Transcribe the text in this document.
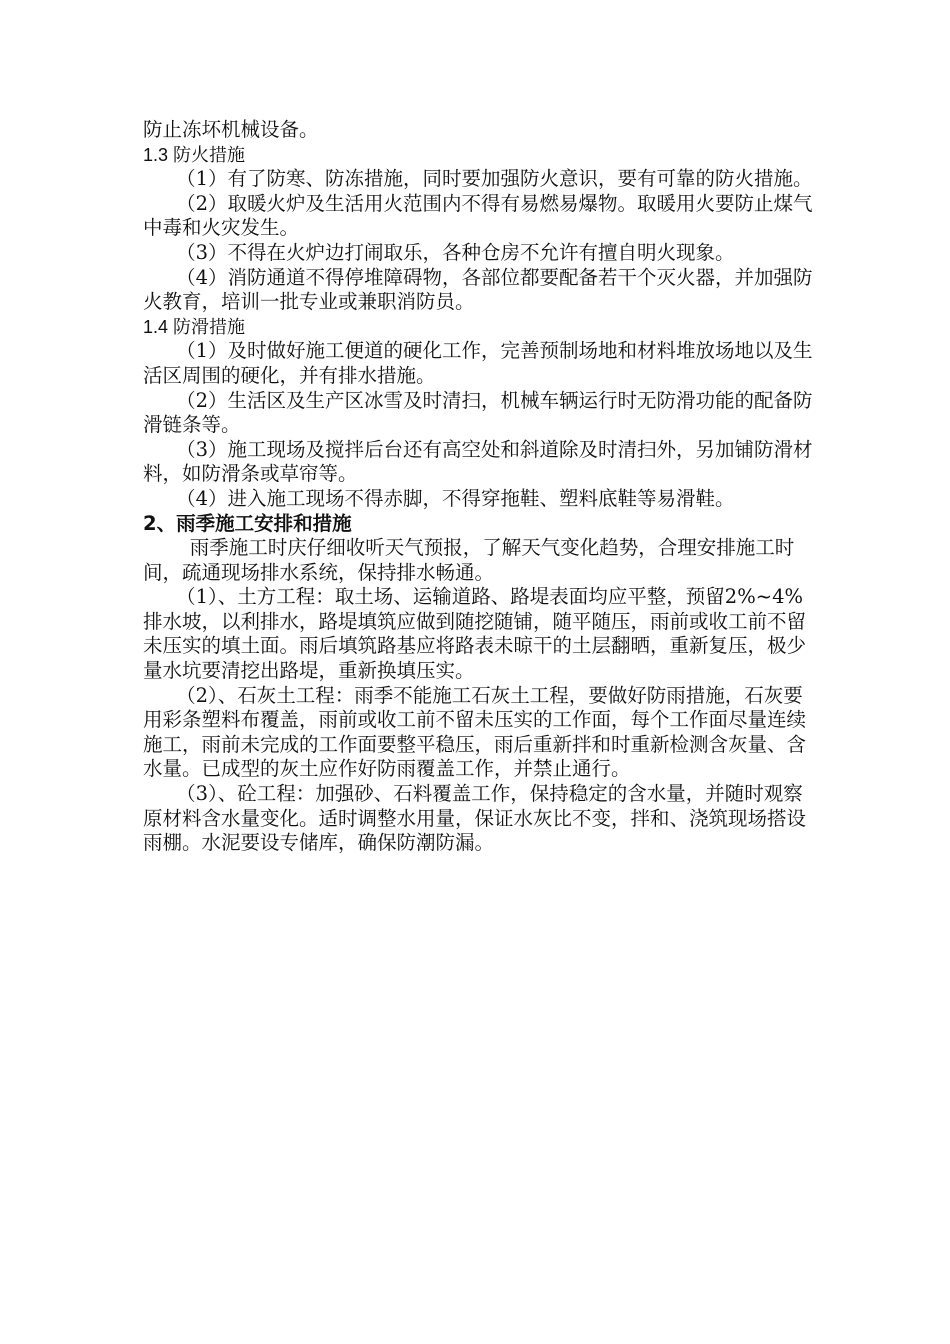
防止冻坏机械设备。

1.3 防火措施

（1）有了防寒、防冻措施，同时要加强防火意识，要有可靠的防火措施。

（2）取暖火炉及生活用火范围内不得有易燃易爆物。取暖用火要防止煤气中毒和火灾发生。

（3）不得在火炉边打闹取乐，各种仓房不允许有擅自明火现象。

（4）消防通道不得停堆障碍物，各部位都要配备若干个灭火器，并加强防火教育，培训一批专业或兼职消防员。

1.4 防滑措施

（1）及时做好施工便道的硬化工作，完善预制场地和材料堆放场地以及生活区周围的硬化，并有排水措施。

（2）生活区及生产区冰雪及时清扫，机械车辆运行时无防滑功能的配备防滑链条等。

（3）施工现场及搅拌后台还有高空处和斜道除及时清扫外，另加铺防滑材料，如防滑条或草帘等。

（4）进入施工现场不得赤脚，不得穿拖鞋、塑料底鞋等易滑鞋。

2、雨季施工安排和措施

雨季施工时庆仔细收听天气预报，了解天气变化趋势，合理安排施工时间，疏通现场排水系统，保持排水畅通。

（1）、土方工程：取土场、运输道路、路堤表面均应平整，预留2%~4%排水坡，以利排水，路堤填筑应做到随挖随铺，随平随压，雨前或收工前不留未压实的填土面。雨后填筑路基应将路表未晾干的土层翻晒，重新复压，极少量水坑要清挖出路堤，重新换填压实。

（2）、石灰土工程：雨季不能施工石灰土工程，要做好防雨措施，石灰要用彩条塑料布覆盖，雨前或收工前不留未压实的工作面，每个工作面尽量连续施工，雨前未完成的工作面要整平稳压，雨后重新拌和时重新检测含灰量、含水量。已成型的灰土应作好防雨覆盖工作，并禁止通行。

（3）、砼工程：加强砂、石料覆盖工作，保持稳定的含水量，并随时观察原材料含水量变化。适时调整水用量，保证水灰比不变，拌和、浇筑现场搭设雨棚。水泥要设专储库，确保防潮防漏。
